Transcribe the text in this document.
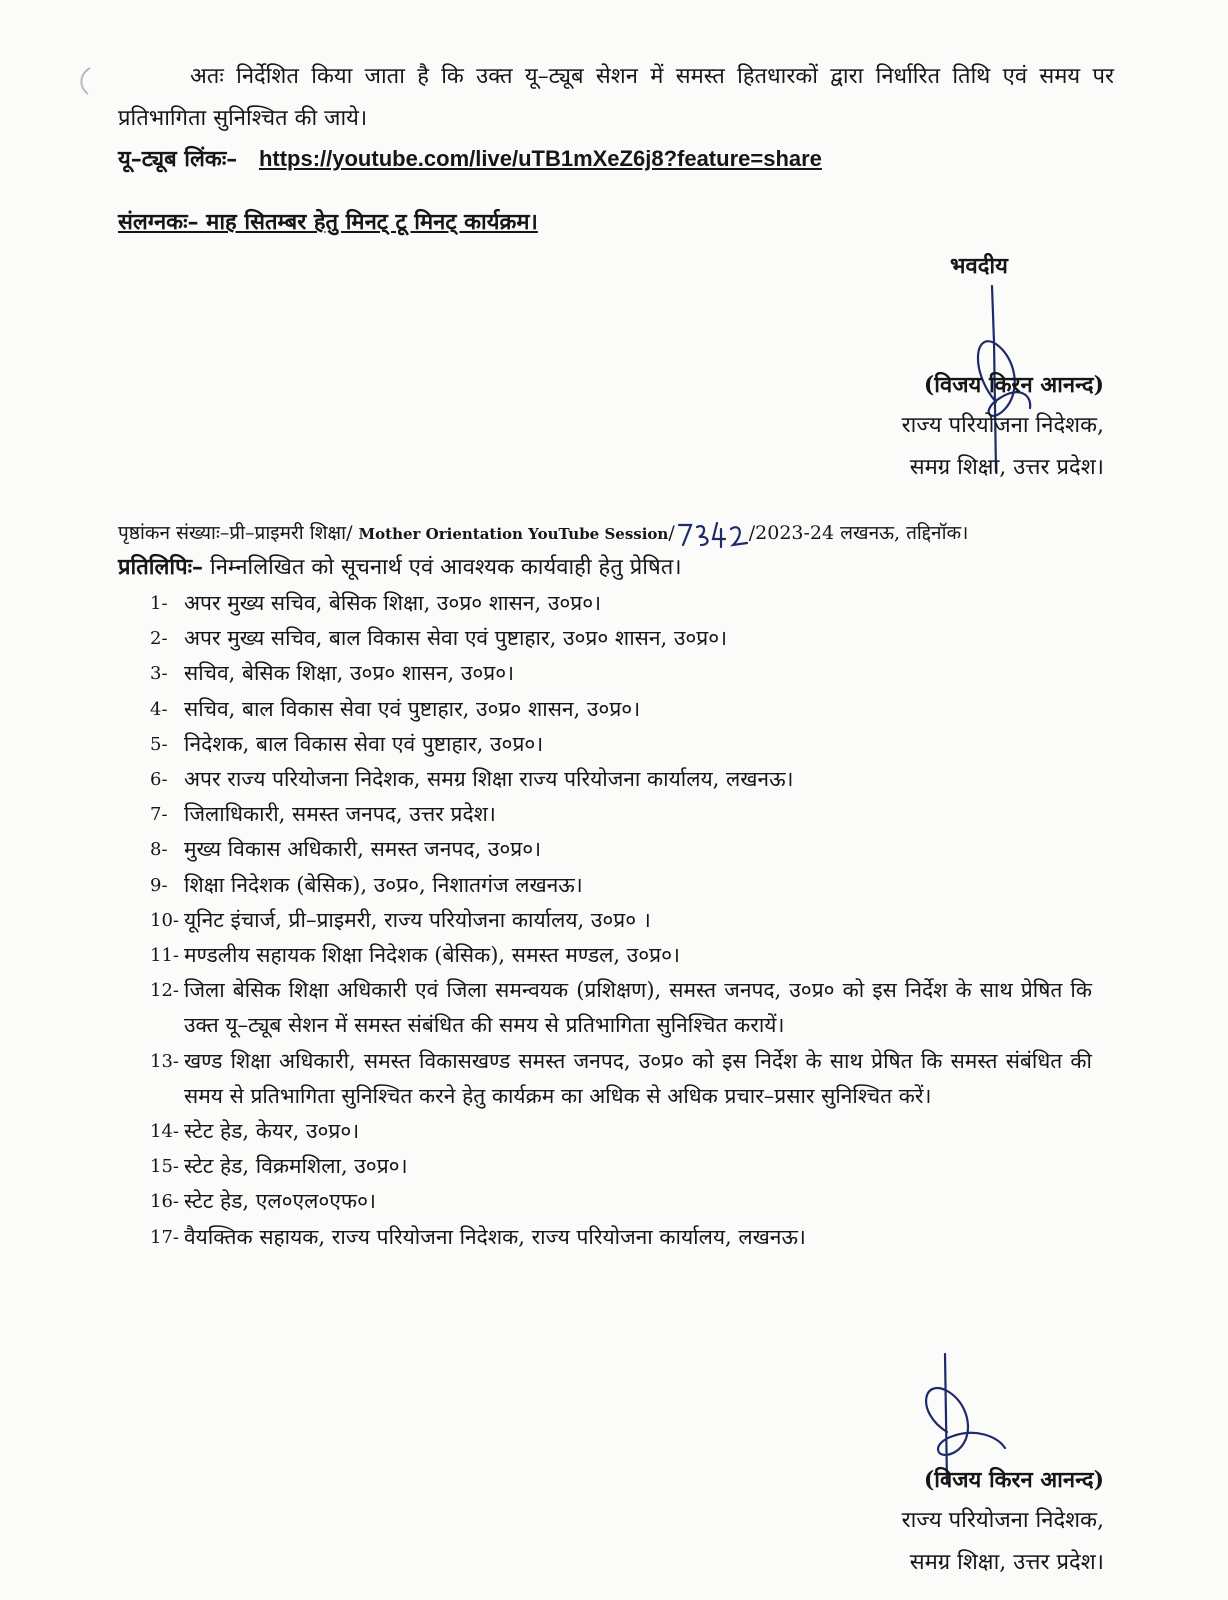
अतः निर्देशित किया जाता है कि उक्त यू–ट्यूब सेशन में समस्त हितधारकों द्वारा निर्धारित तिथि एवं समय पर प्रतिभागिता सुनिश्चित की जाये।
यू–ट्यूब लिंकः– https://youtube.com/live/uTB1mXeZ6j8?feature=share
संलग्नकः– माह सितम्बर हेतु मिनट् टू मिनट् कार्यक्रम।
भवदीय
(विजय किरन आनन्द)
राज्य परियोजना निदेशक,
समग्र शिक्षा, उत्तर प्रदेश।
पृष्ठांकन संख्याः–प्री–प्राइमरी शिक्षा/ Mother Orientation YouTube Session/	/2023-24 लखनऊ, तद्दिनॉक।
प्रतिलिपिः– निम्नलिखित को सूचनार्थ एवं आवश्यक कार्यवाही हेतु प्रेषित।
1- अपर मुख्य सचिव, बेसिक शिक्षा, उ०प्र० शासन, उ०प्र०।
2- अपर मुख्य सचिव, बाल विकास सेवा एवं पुष्टाहार, उ०प्र० शासन, उ०प्र०।
3- सचिव, बेसिक शिक्षा, उ०प्र० शासन, उ०प्र०।
4- सचिव, बाल विकास सेवा एवं पुष्टाहार, उ०प्र० शासन, उ०प्र०।
5- निदेशक, बाल विकास सेवा एवं पुष्टाहार, उ०प्र०।
6- अपर राज्य परियोजना निदेशक, समग्र शिक्षा राज्य परियोजना कार्यालय, लखनऊ।
7- जिलाधिकारी, समस्त जनपद, उत्तर प्रदेश।
8- मुख्य विकास अधिकारी, समस्त जनपद, उ०प्र०।
9- शिक्षा निदेशक (बेसिक), उ०प्र०, निशातगंज लखनऊ।
10- यूनिट इंचार्ज, प्री–प्राइमरी, राज्य परियोजना कार्यालय, उ०प्र० ।
11- मण्डलीय सहायक शिक्षा निदेशक (बेसिक), समस्त मण्डल, उ०प्र०।
12- जिला बेसिक शिक्षा अधिकारी एवं जिला समन्वयक (प्रशिक्षण), समस्त जनपद, उ०प्र० को इस निर्देश के साथ प्रेषित कि उक्त यू–ट्यूब सेशन में समस्त संबंधित की समय से प्रतिभागिता सुनिश्चित करायें।
13- खण्ड शिक्षा अधिकारी, समस्त विकासखण्ड समस्त जनपद, उ०प्र० को इस निर्देश के साथ प्रेषित कि समस्त संबंधित की समय से प्रतिभागिता सुनिश्चित करने हेतु कार्यक्रम का अधिक से अधिक प्रचार–प्रसार सुनिश्चित करें।
14- स्टेट हेड, केयर, उ०प्र०।
15- स्टेट हेड, विक्रमशिला, उ०प्र०।
16- स्टेट हेड, एल०एल०एफ०।
17- वैयक्तिक सहायक, राज्य परियोजना निदेशक, राज्य परियोजना कार्यालय, लखनऊ।
(विजय किरन आनन्द)
राज्य परियोजना निदेशक,
समग्र शिक्षा, उत्तर प्रदेश।
